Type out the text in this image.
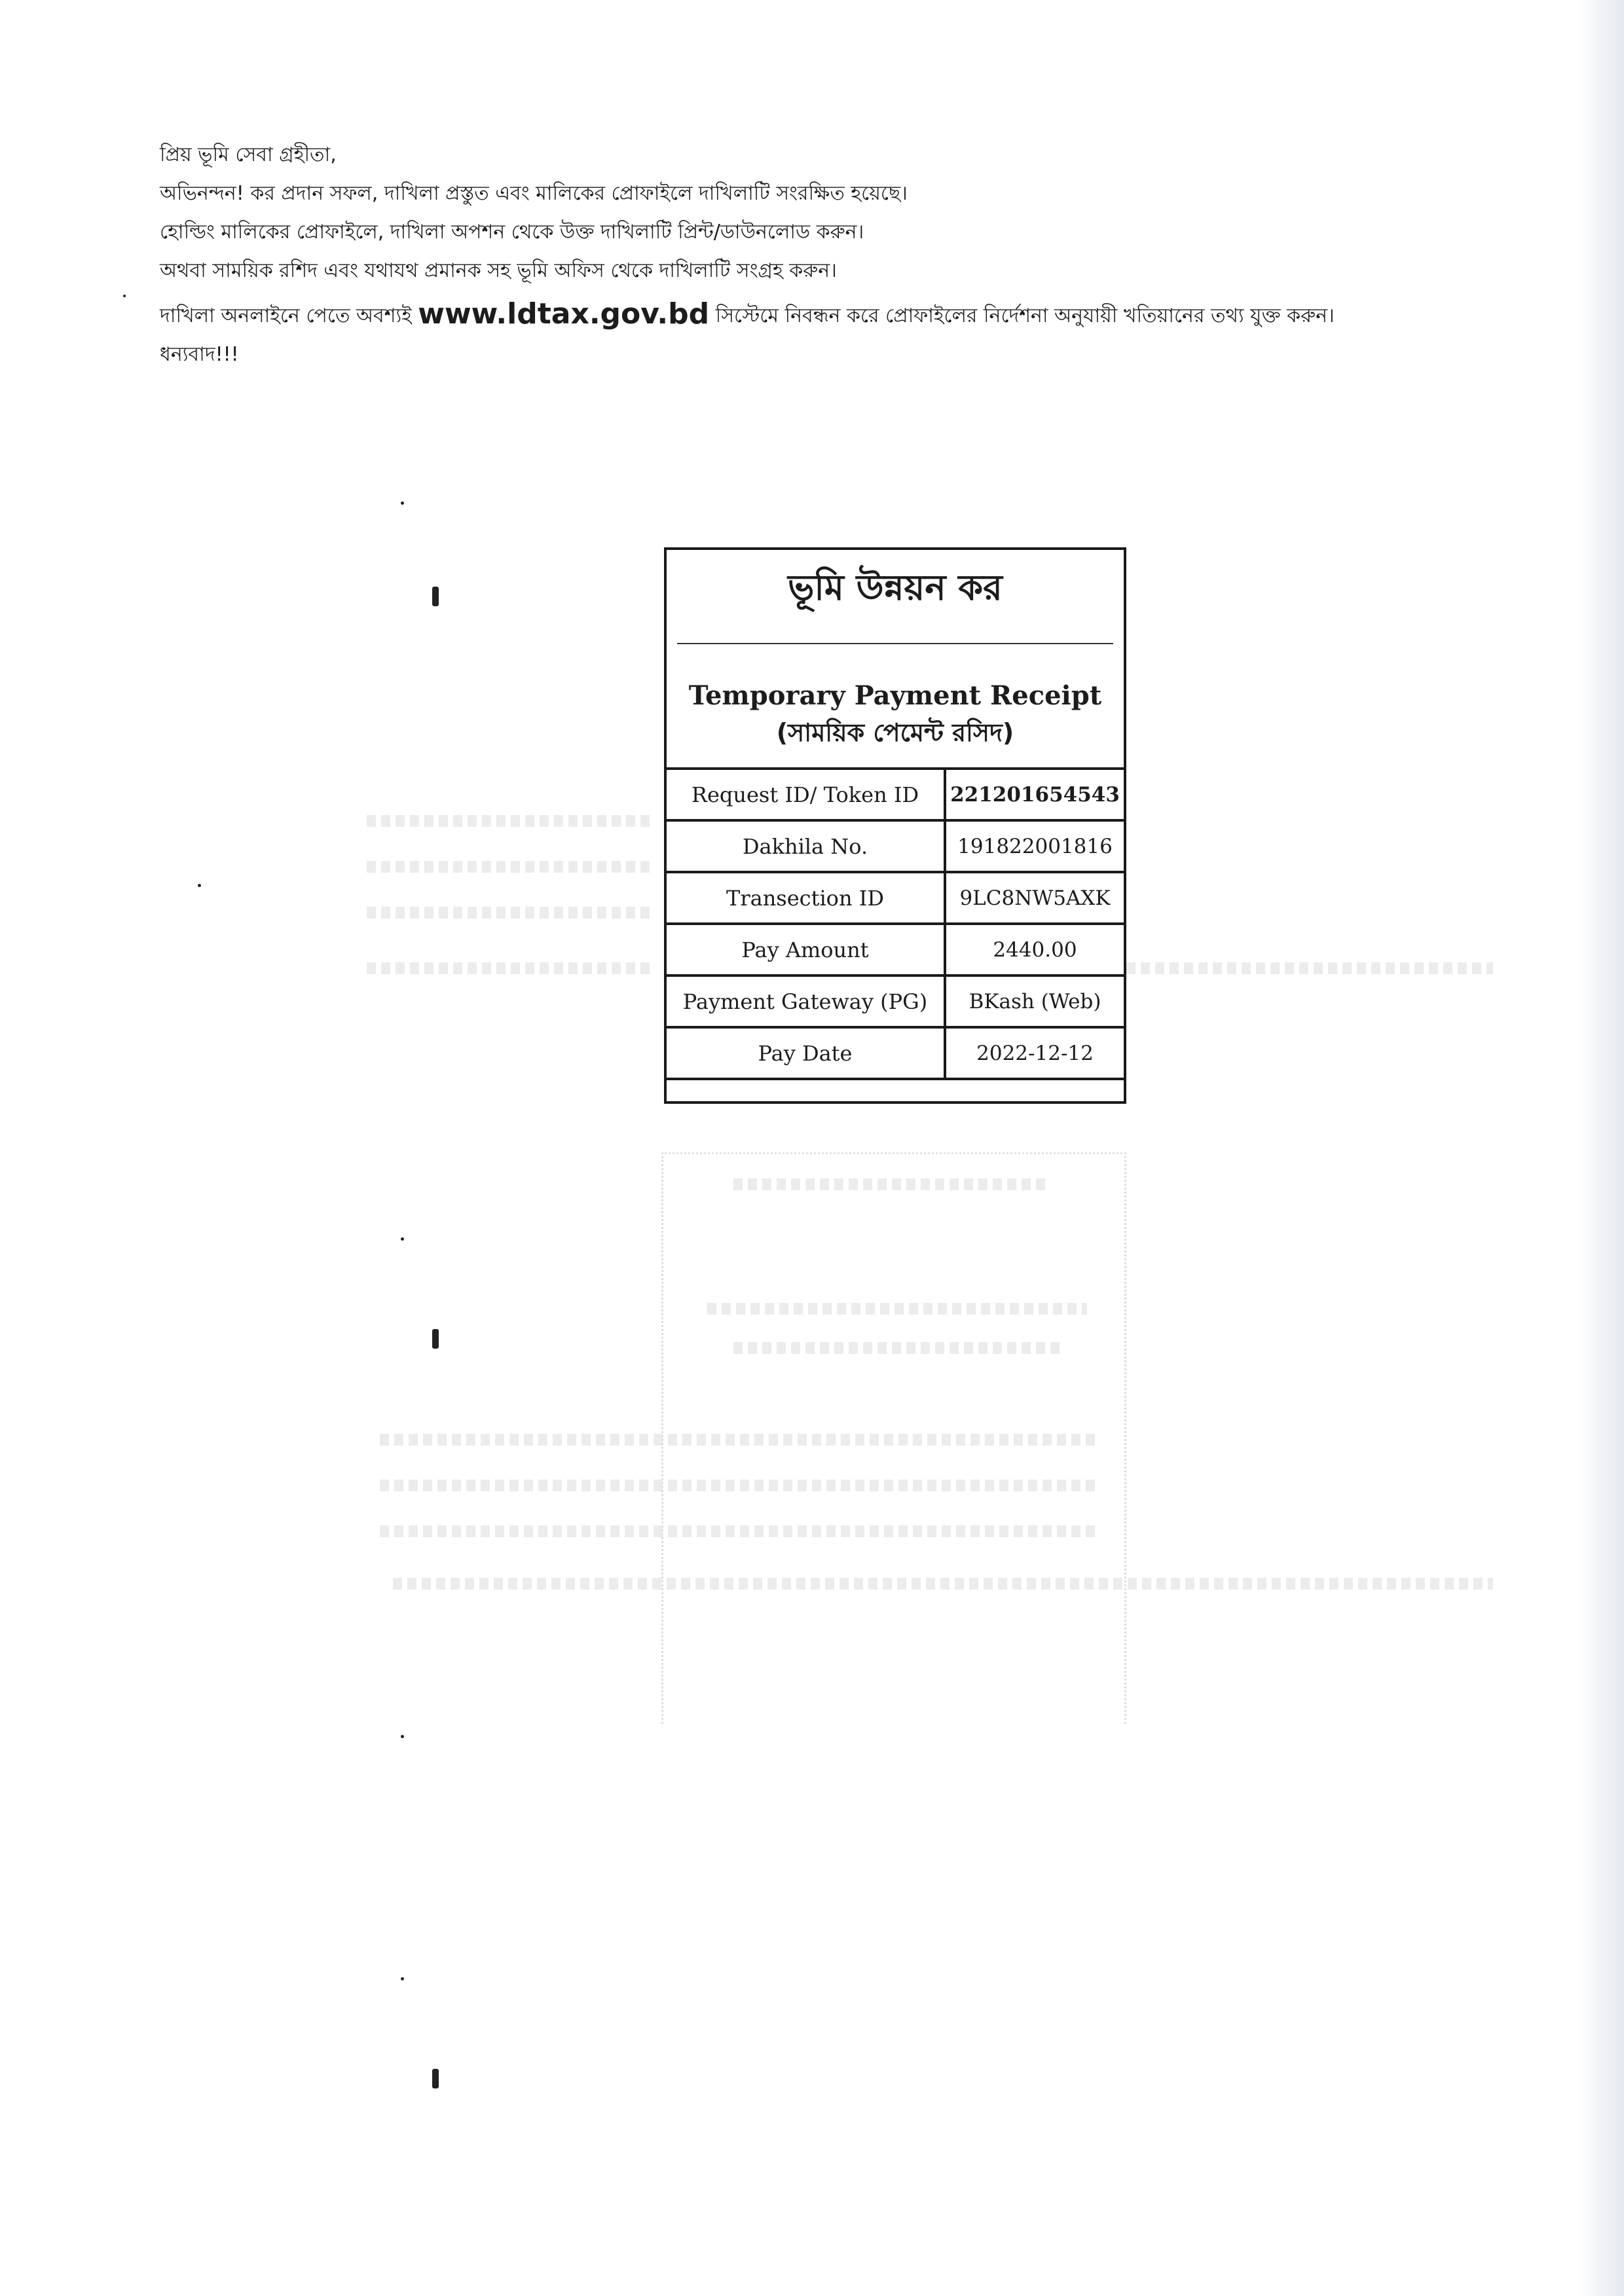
প্রিয় ভূমি সেবা গ্রহীতা,
অভিনন্দন! কর প্রদান সফল, দাখিলা প্রস্তুত এবং মালিকের প্রোফাইলে দাখিলাটি সংরক্ষিত হয়েছে।
হোল্ডিং মালিকের প্রোফাইলে, দাখিলা অপশন থেকে উক্ত দাখিলাটি প্রিন্ট/ডাউনলোড করুন।
অথবা সাময়িক রশিদ এবং যথাযথ প্রমানক সহ ভূমি অফিস থেকে দাখিলাটি সংগ্রহ করুন।
দাখিলা অনলাইনে পেতে অবশ্যই www.ldtax.gov.bd সিস্টেমে নিবন্ধন করে প্রোফাইলের নির্দেশনা অনুযায়ী খতিয়ানের তথ্য যুক্ত করুন।
ধন্যবাদ!!!
ভূমি উন্নয়ন কর
Temporary Payment Receipt
(সাময়িক পেমেন্ট রসিদ)
Request ID/ Token ID	221201654543
Dakhila No.	191822001816
Transection ID	9LC8NW5AXK
Pay Amount	2440.00
Payment Gateway (PG)	BKash (Web)
Pay Date	2022-12-12
